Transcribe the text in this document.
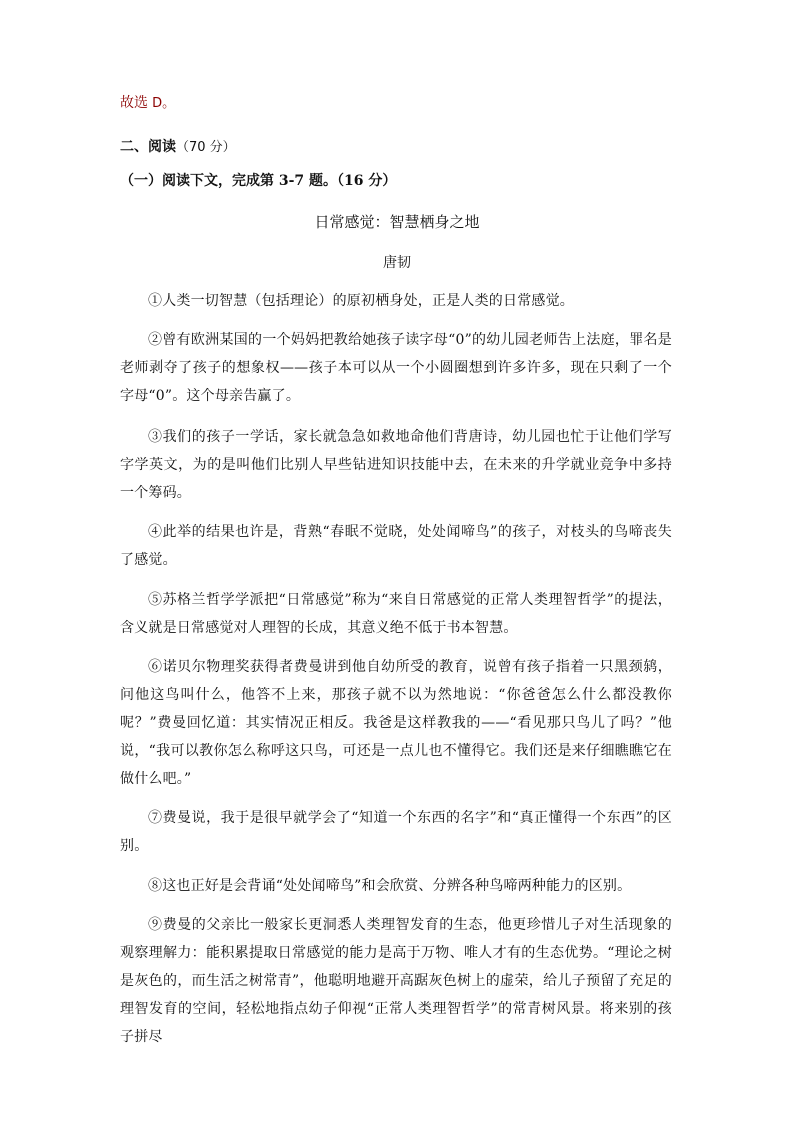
故选 D。
二、阅读（70 分）
（一）阅读下文，完成第 3-7 题。（16 分）
日常感觉：智慧栖身之地
唐韧

①人类一切智慧（包括理论）的原初栖身处，正是人类的日常感觉。

②曾有欧洲某国的一个妈妈把教给她孩子读字母“0”的幼儿园老师告上法庭，罪名是老师剥夺了孩子的想象权——孩子本可以从一个小圆圈想到许多许多，现在只剩了一个字母“0”。这个母亲告赢了。

③我们的孩子一学话，家长就急急如救地命他们背唐诗，幼儿园也忙于让他们学写字学英文，为的是叫他们比别人早些钻进知识技能中去，在未来的升学就业竞争中多持一个筹码。

④此举的结果也许是，背熟“春眠不觉晓，处处闻啼鸟”的孩子，对枝头的鸟啼丧失了感觉。

⑤苏格兰哲学学派把“日常感觉”称为“来自日常感觉的正常人类理智哲学”的提法，含义就是日常感觉对人理智的长成，其意义绝不低于书本智慧。

⑥诺贝尔物理奖获得者费曼讲到他自幼所受的教育，说曾有孩子指着一只黑颈鸫，问他这鸟叫什么，他答不上来，那孩子就不以为然地说：“你爸爸怎么什么都没教你呢？”费曼回忆道：其实情况正相反。我爸是这样教我的——“看见那只鸟儿了吗？”他说，“我可以教你怎么称呼这只鸟，可还是一点儿也不懂得它。我们还是来仔细瞧瞧它在做什么吧。”

⑦费曼说，我于是很早就学会了“知道一个东西的名字”和“真正懂得一个东西”的区别。

⑧这也正好是会背诵“处处闻啼鸟”和会欣赏、分辨各种鸟啼两种能力的区别。

⑨费曼的父亲比一般家长更洞悉人类理智发育的生态，他更珍惜儿子对生活现象的观察理解力：能积累提取日常感觉的能力是高于万物、唯人才有的生态优势。“理论之树是灰色的，而生活之树常青”，他聪明地避开高踞灰色树上的虚荣，给儿子预留了充足的理智发育的空间，轻松地指点幼子仰视“正常人类理智哲学”的常青树风景。将来别的孩子拼尽
